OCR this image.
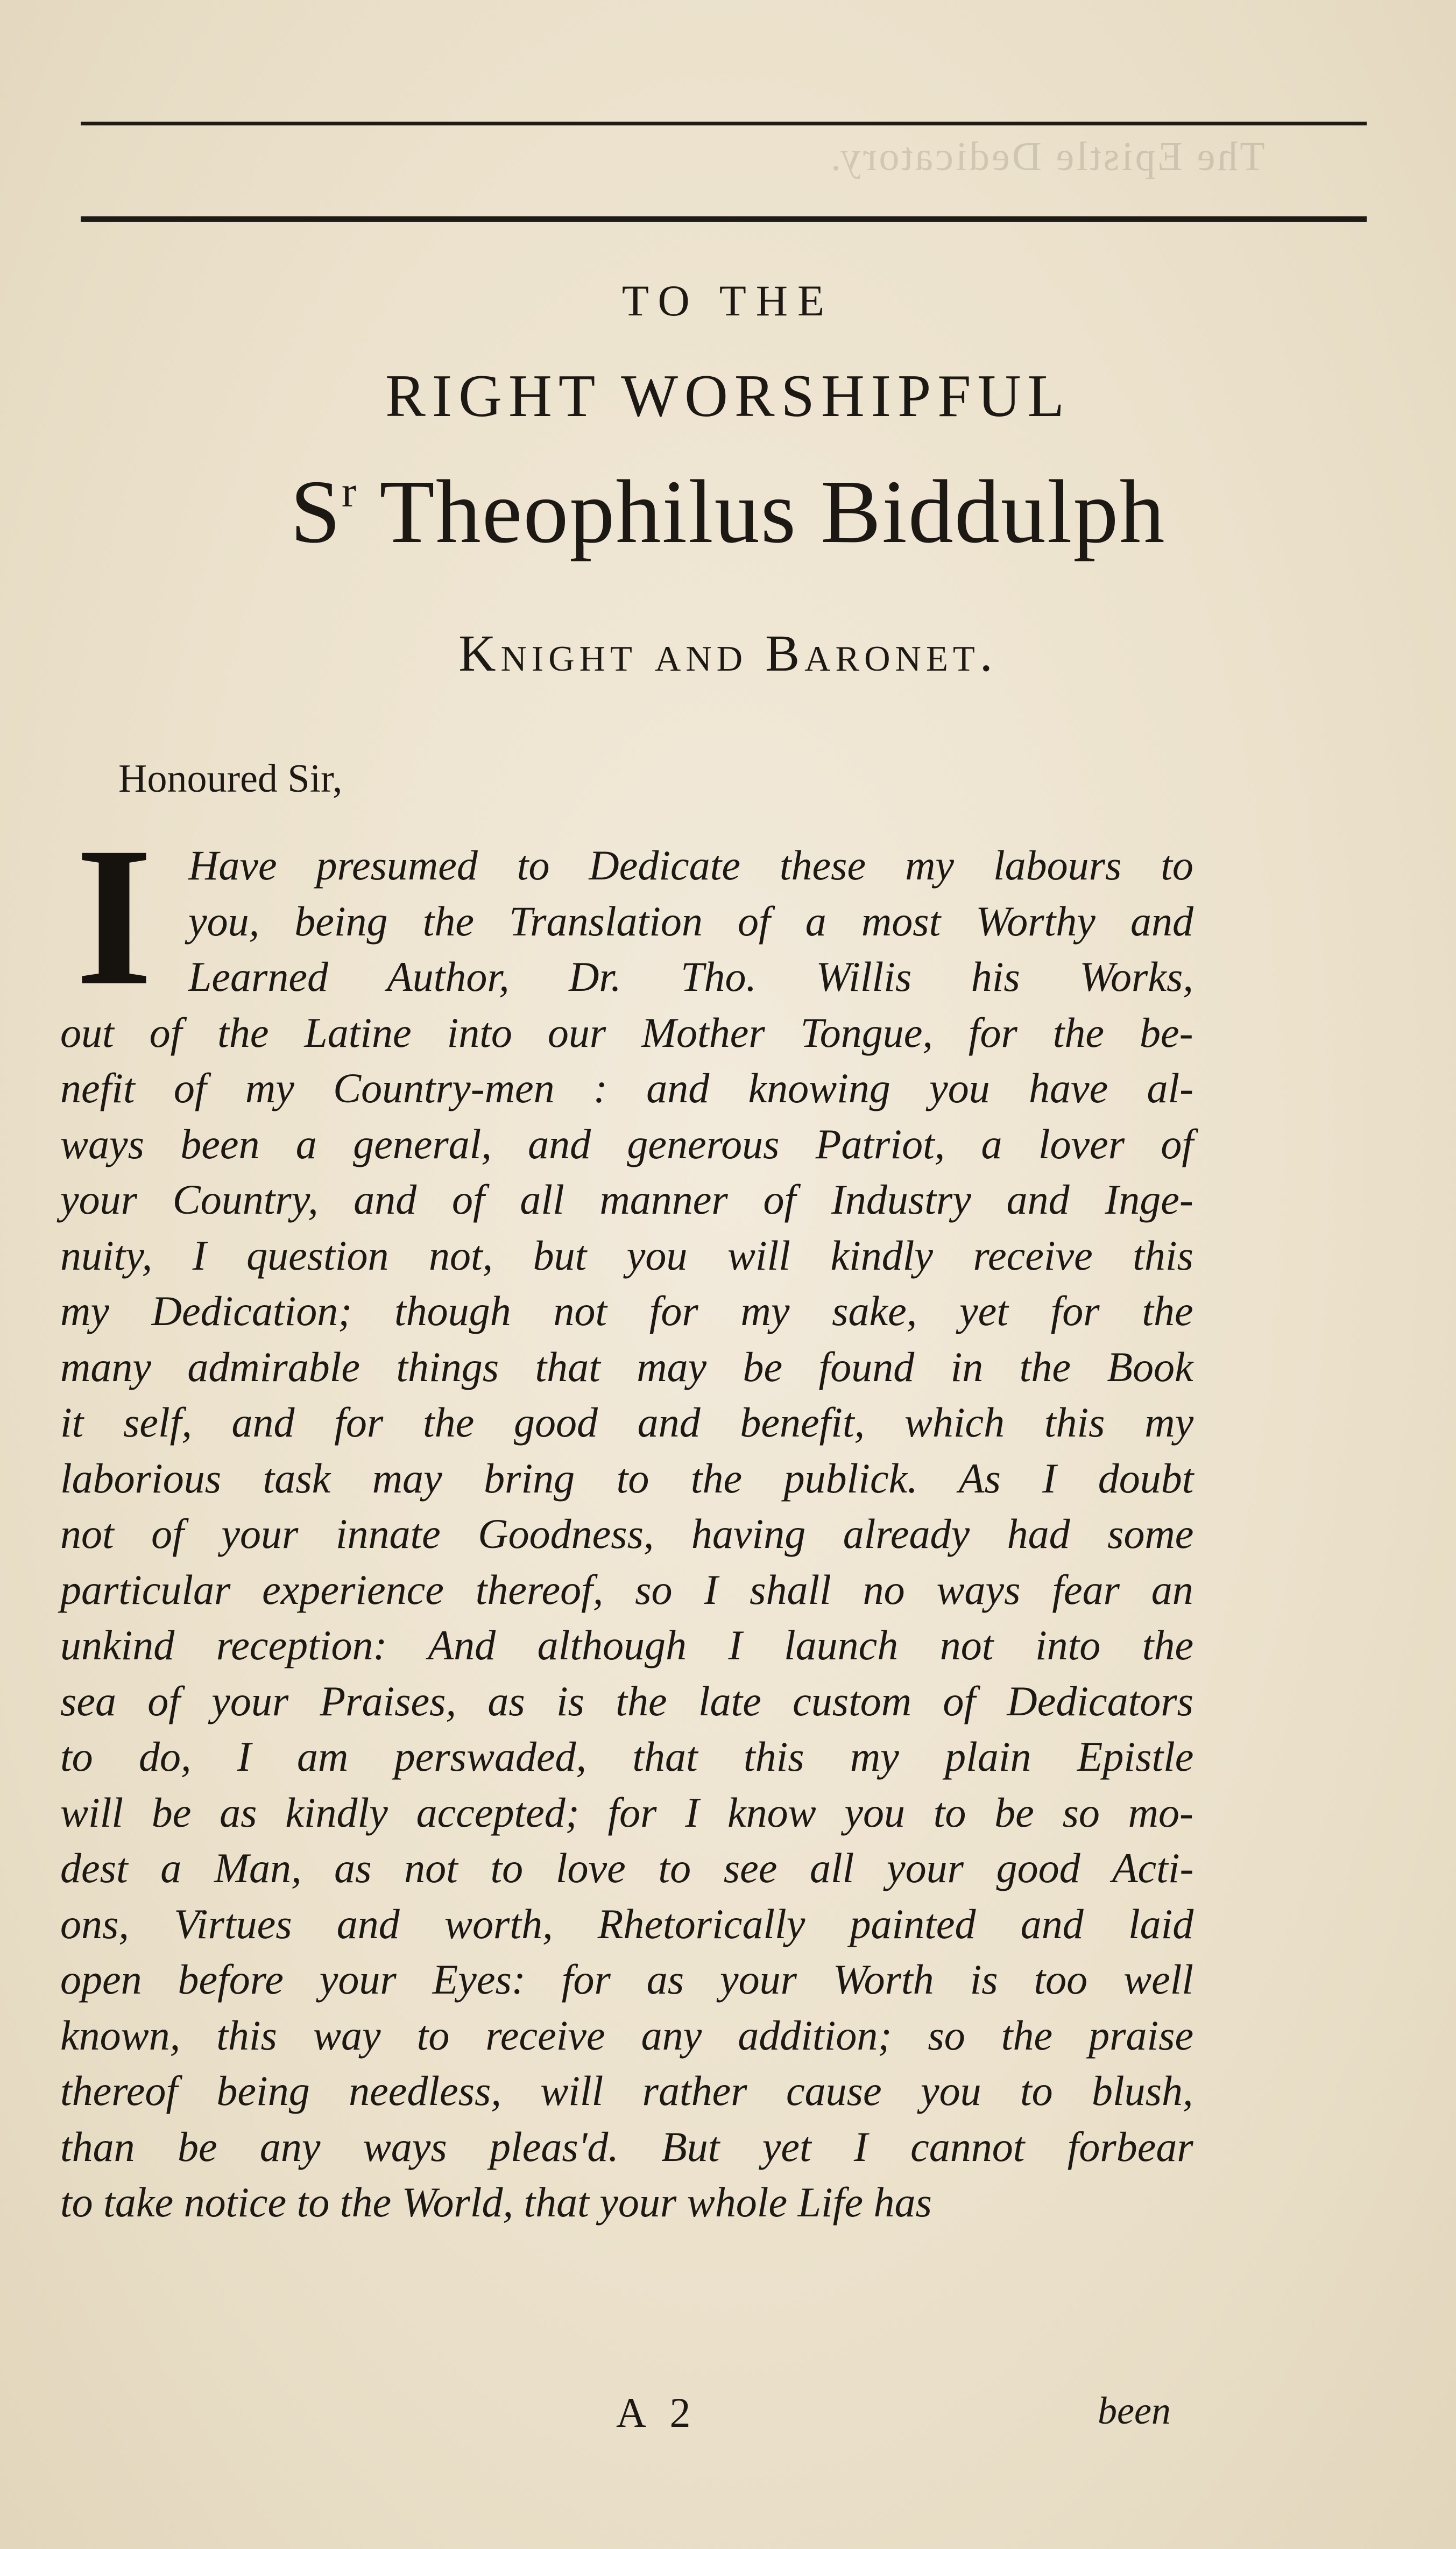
The Epistle Dedicatory.
TO THE
RIGHT WORSHIPFUL
$S^r$ Theophilus Biddulph
Knight and Baronet.

Honoured Sir,

I Have presumed to Dedicate these my labours to

you, being the Translation of a most Worthy and

Learned Author, Dr. Tho. Willis his Works,

out of the Latine into our Mother Tongue, for the be-

nefit of my Country-men : and knowing you have al-

ways been a general, and generous Patriot, a lover of

your Country, and of all manner of Industry and Inge-

nuity, I question not, but you will kindly receive this

my Dedication; though not for my sake, yet for the

many admirable things that may be found in the Book

it self, and for the good and benefit, which this my

laborious task may bring to the publick. As I doubt

not of your innate Goodness, having already had some

particular experience thereof, so I shall no ways fear an

unkind reception: And although I launch not into the

sea of your Praises, as is the late custom of Dedicators

to do, I am perswaded, that this my plain Epistle

will be as kindly accepted; for I know you to be so mo-

dest a Man, as not to love to see all your good Acti-

ons, Virtues and worth, Rhetorically painted and laid

open before your Eyes: for as your Worth is too well

known, this way to receive any addition; so the praise

thereof being needless, will rather cause you to blush,

than be any ways pleas'd. But yet I cannot forbear

to take notice to the World, that your whole Life has

A 2	been
